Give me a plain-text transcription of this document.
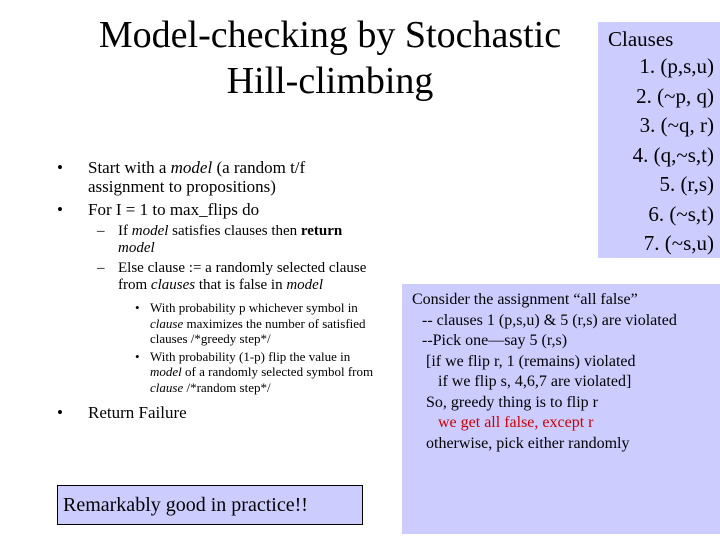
Model-checking by Stochastic
Hill-climbing
Clauses
1. (p,s,u)
2. (~p, q)
3. (~q, r)
4. (q,~s,t)
5. (r,s)
6. (~s,t)
7. (~s,u)
• Start with a model (a random t/f assignment to propositions)
• For I = 1 to max_flips do
– If model satisfies clauses then return model
– Else clause := a randomly selected clause from clauses that is false in model
• With probability p whichever symbol in clause maximizes the number of satisfied clauses /*greedy step*/
• With probability (1-p) flip the value in model of a randomly selected symbol from clause /*random step*/
• Return Failure
Remarkably good in practice!!
Consider the assignment “all false”
-- clauses 1 (p,s,u) & 5 (r,s) are violated
--Pick one—say 5 (r,s)
[if we flip r, 1 (remains) violated
if we flip s, 4,6,7 are violated]
So, greedy thing is to flip r
we get all false, except r
otherwise, pick either randomly
